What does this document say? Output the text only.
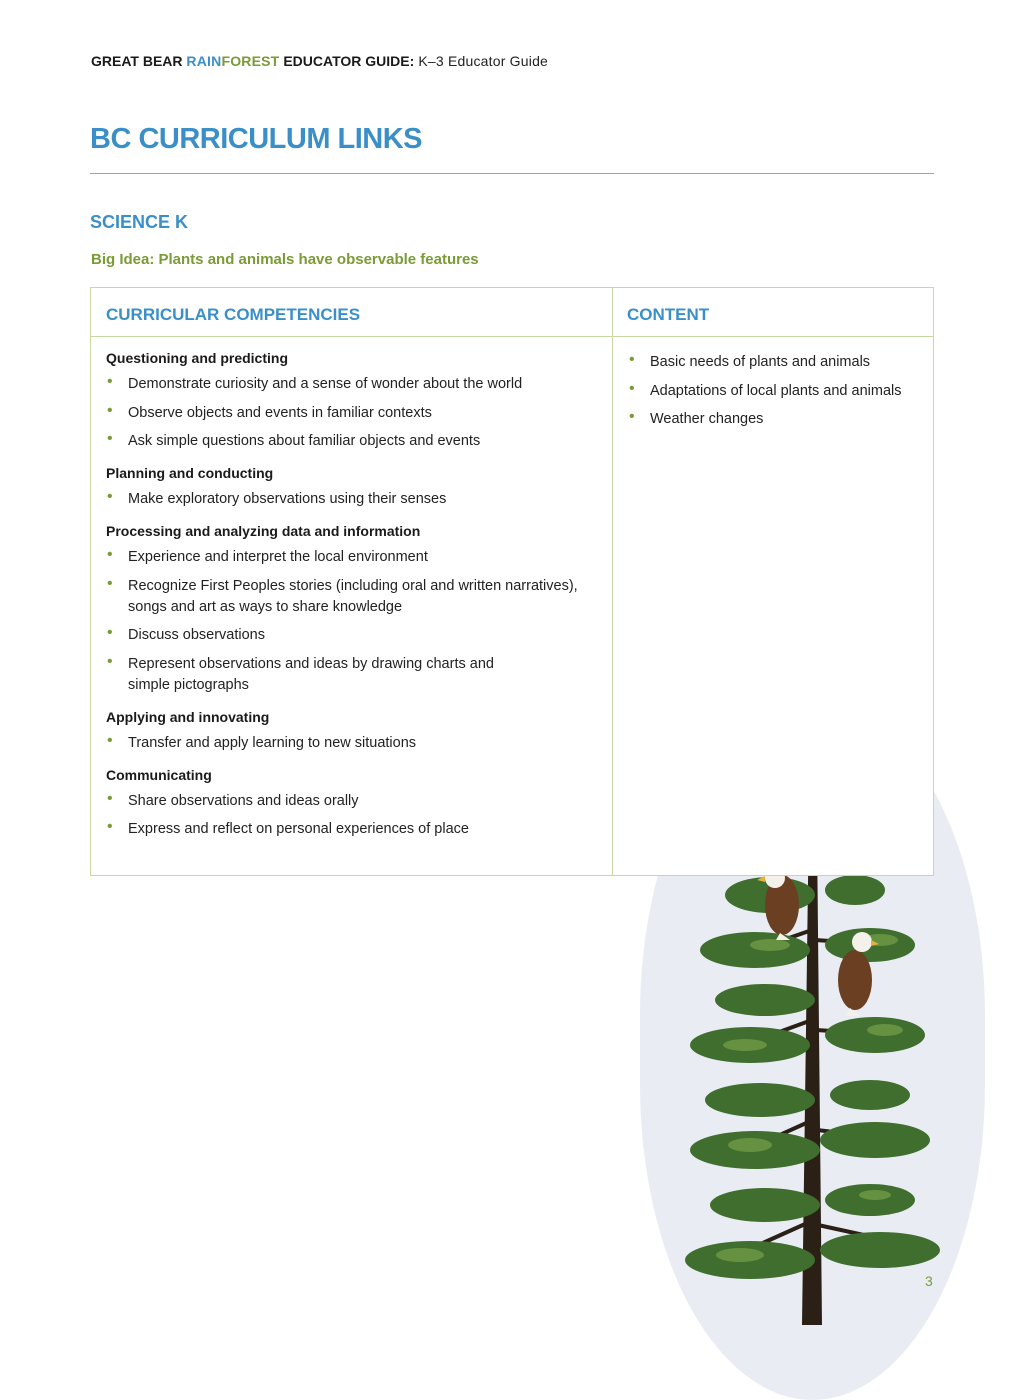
GREAT BEAR RAINFOREST EDUCATOR GUIDE: K–3 Educator Guide
BC CURRICULUM LINKS
SCIENCE K
Big Idea: Plants and animals have observable features
CURRICULAR COMPETENCIES	CONTENT
Questioning and predicting
• Demonstrate curiosity and a sense of wonder about the world
• Observe objects and events in familiar contexts
• Ask simple questions about familiar objects and events
Planning and conducting
• Make exploratory observations using their senses
Processing and analyzing data and information
• Experience and interpret the local environment
• Recognize First Peoples stories (including oral and written narratives), songs and art as ways to share knowledge
• Discuss observations
• Represent observations and ideas by drawing charts and simple pictographs
Applying and innovating
• Transfer and apply learning to new situations
Communicating
• Share observations and ideas orally
• Express and reflect on personal experiences of place
• Basic needs of plants and animals
• Adaptations of local plants and animals
• Weather changes
3
